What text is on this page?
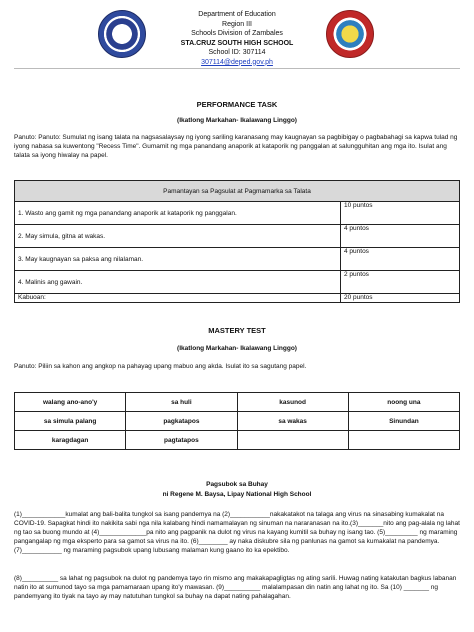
Department of Education
Region III
Schools Division of Zambales
STA.CRUZ SOUTH HIGH SCHOOL
School ID: 307114
307114@deped.gov.ph
PERFORMANCE TASK
(Ikatlong Markahan- Ikalawang Linggo)
Panuto: Panuto: Sumulat ng isang talata na nagsasalaysay ng iyong sariling karanasang may kaugnayan sa pagbibigay o pagbabahagi sa kapwa tulad ng iyong nabasa sa kuwentong "Recess Time". Gumamit ng mga panandang anaporik at kataporik ng panggalan at salungguhitan ang mga ito. Isulat ang talata sa iyong hiwalay na papel.
Pamantayan sa Pagsulat at Pagmamarka sa Talata	
1. Wasto ang gamit ng mga panandang anaporik at kataporik ng panggalan.	10 puntos
2. May simula, gitna at wakas.	4 puntos
3. May kaugnayan sa paksa ang nilalaman.	4 puntos
4. Malinis ang gawain.	2 puntos
Kabuoan:	20 puntos
MASTERY TEST
(Ikatlong Markahan- Ikalawang Linggo)
Panuto: Piliin sa kahon ang angkop na pahayag upang mabuo ang akda. Isulat ito sa sagutang papel.
walang ano-ano'y	sa huli	kasunod	noong una
sa simula palang	pagkatapos	sa wakas	Sinundan
karagdagan	pagtatapos		
Pagsubok sa Buhay
ni Regene M. Baysa, Lipay National High School
(1)____________kumalat ang bali-balita tungkol sa isang pandemya na (2)___________nakakatakot na talaga ang virus na sinasabing kumakalat na COVID-19. Sapagkat hindi ito nakikita sabi nga nila kalabang hindi namamalayan ng sinuman na nararanasan na ito.(3)_______nito ang pag-alala ng lahat ng tao sa buong mundo at (4)_____________pa nito ang pagpanik na dulot ng virus na kayang kumitil sa buhay ng isang tao. (5)_________ ng maraming pangangalap ng mga eksperto para sa gamot sa virus na ito. (6)________ ay naka diskubre sila ng panlunas na gamot sa kumakalat na pandemya. (7)___________ ng maraming pagsubok upang lubusang malaman kung gaano ito ka epektibo.
(8)__________ sa lahat ng pagsubok na dulot ng pandemya tayo rin mismo ang makakapagligtas ng ating sarili. Huwag nating katakutan bagkus labanan natin ito at sumunod tayo sa mga pamamaraan upang ito'y mawasan. (9)__________ malalampasan din natin ang lahat ng ito. Sa (10) _______ ng pandemyang ito tiyak na tayo ay may natutuhan tungkol sa buhay na dapat nating pahalagahan.
